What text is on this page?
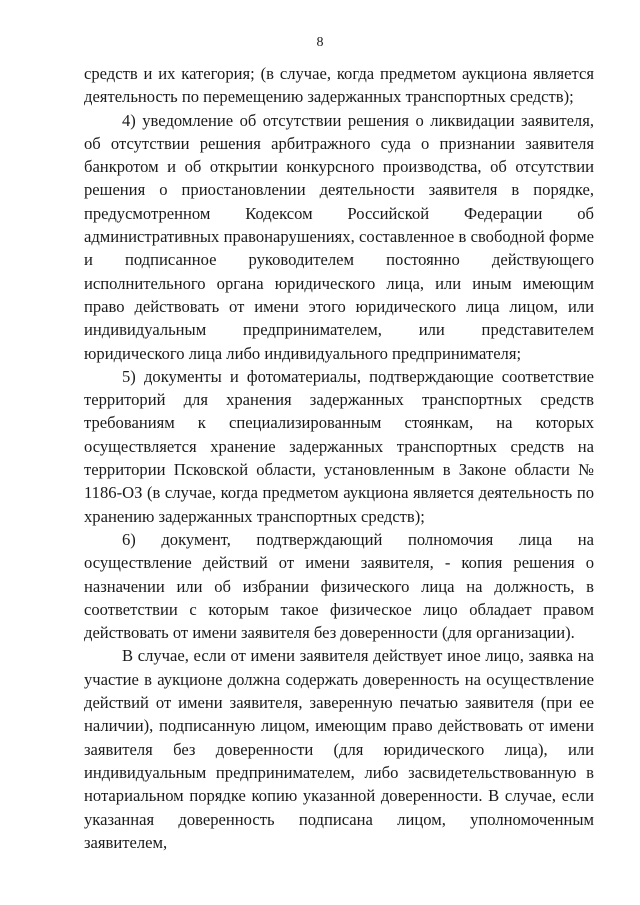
8

средств и их категория; (в случае, когда предметом аукциона является деятельность по перемещению задержанных транспортных средств);

4) уведомление об отсутствии решения о ликвидации заявителя, об отсутствии решения арбитражного суда о признании заявителя банкротом и об открытии конкурсного производства, об отсутствии решения о приостановлении деятельности заявителя в порядке, предусмотренном Кодексом Российской Федерации об административных правонарушениях, составленное в свободной форме и подписанное руководителем постоянно действующего исполнительного органа юридического лица, или иным имеющим право действовать от имени этого юридического лица лицом, или индивидуальным предпринимателем, или представителем юридического лица либо индивидуального предпринимателя;

5) документы и фотоматериалы, подтверждающие соответствие территорий для хранения задержанных транспортных средств требованиям к специализированным стоянкам, на которых осуществляется хранение задержанных транспортных средств на территории Псковской области, установленным в Законе области № 1186-ОЗ (в случае, когда предметом аукциона является деятельность по хранению задержанных транспортных средств);

6) документ, подтверждающий полномочия лица на осуществление действий от имени заявителя, - копия решения о назначении или об избрании физического лица на должность, в соответствии с которым такое физическое лицо обладает правом действовать от имени заявителя без доверенности (для организации).

В случае, если от имени заявителя действует иное лицо, заявка на участие в аукционе должна содержать доверенность на осуществление действий от имени заявителя, заверенную печатью заявителя (при ее наличии), подписанную лицом, имеющим право действовать от имени заявителя без доверенности (для юридического лица), или индивидуальным предпринимателем, либо засвидетельствованную в нотариальном порядке копию указанной доверенности. В случае, если указанная доверенность подписана лицом, уполномоченным заявителем,
